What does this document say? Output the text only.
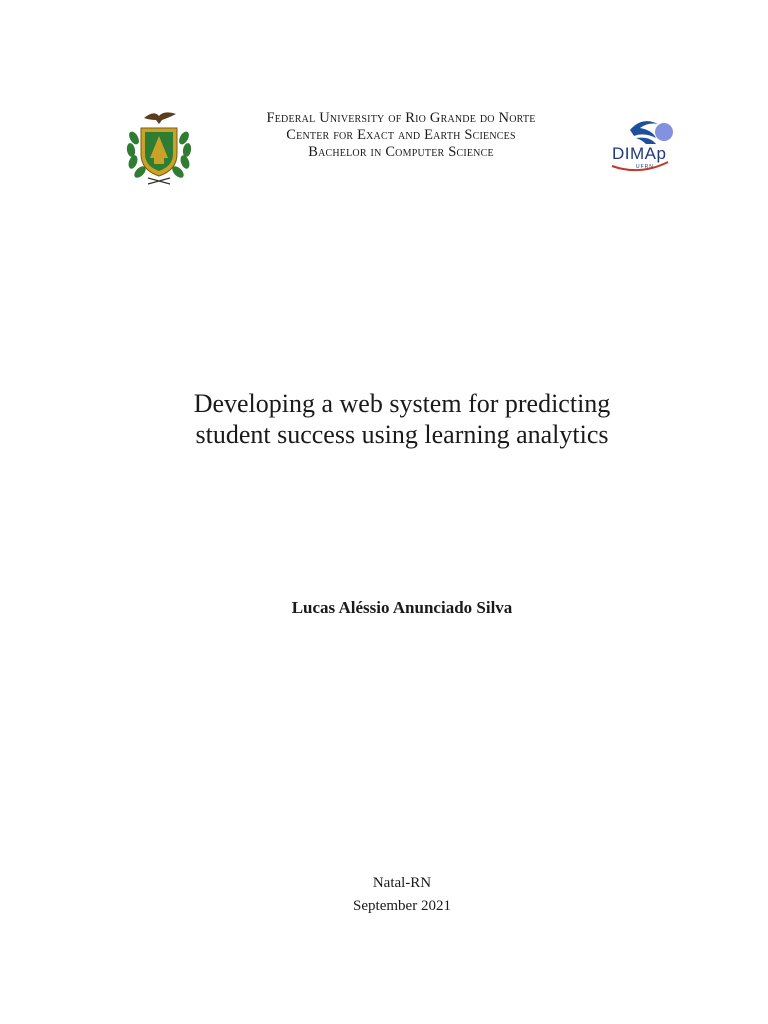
Federal University of Rio Grande do Norte
Center for Exact and Earth Sciences
Bachelor in Computer Science	DIMAp
UFRN
Developing a web system for predicting
student success using learning analytics
Lucas Aléssio Anunciado Silva
Natal-RN
September 2021
